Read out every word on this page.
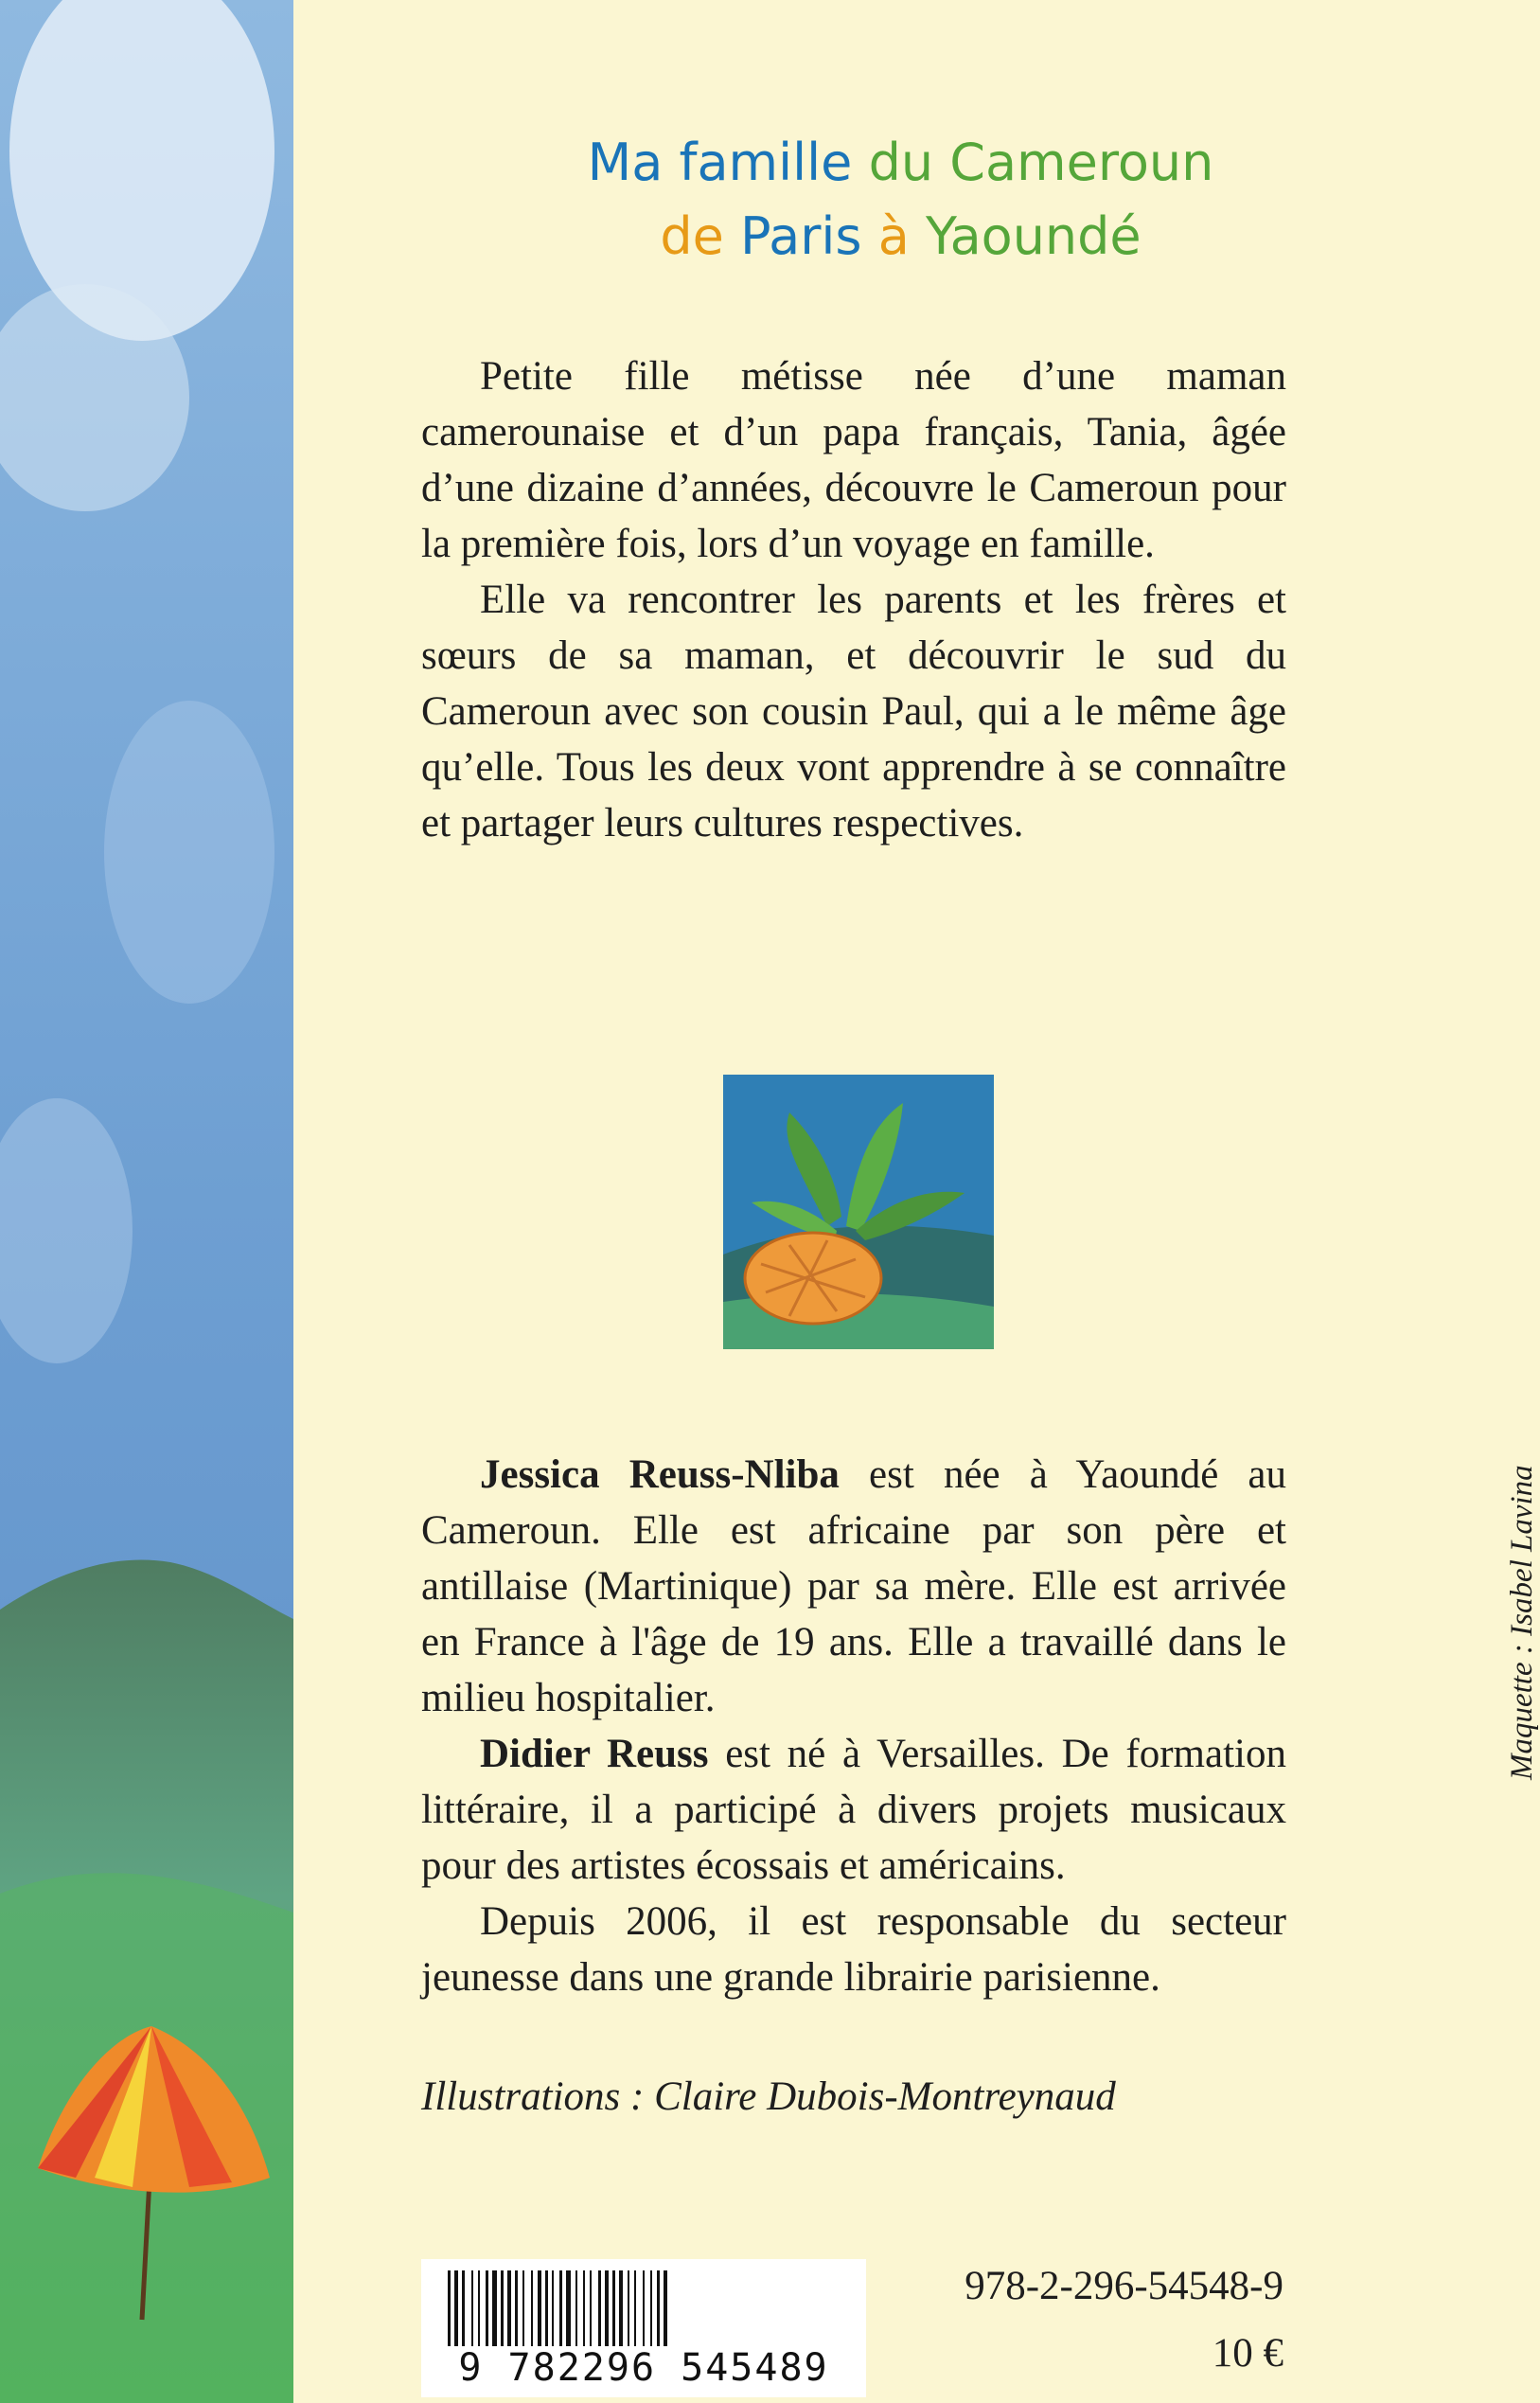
Ma famille du Cameroun
de Paris à Yaoundé

Petite fille métisse née d’une maman camerounaise et d’un papa français, Tania, âgée d’une dizaine d’années, découvre le Cameroun pour la première fois, lors d’un voyage en famille.

Elle va rencontrer les parents et les frères et sœurs de sa maman, et découvrir le sud du Cameroun avec son cousin Paul, qui a le même âge qu’elle. Tous les deux vont apprendre à se connaître et partager leurs cultures respectives.

Jessica Reuss-Nliba est née à Yaoundé au Cameroun. Elle est africaine par son père et antillaise (Martinique) par sa mère. Elle est arrivée en France à l'âge de 19 ans. Elle a travaillé dans le milieu hospitalier.

Didier Reuss est né à Versailles. De formation littéraire, il a participé à divers projets musicaux pour des artistes écossais et américains.

Depuis 2006, il est responsable du secteur jeunesse dans une grande librairie parisienne.

Illustrations : Claire Dubois-Montreynaud
Maquette : Isabel Lavina
9 782296 545489
978-2-296-54548-9
10 €
